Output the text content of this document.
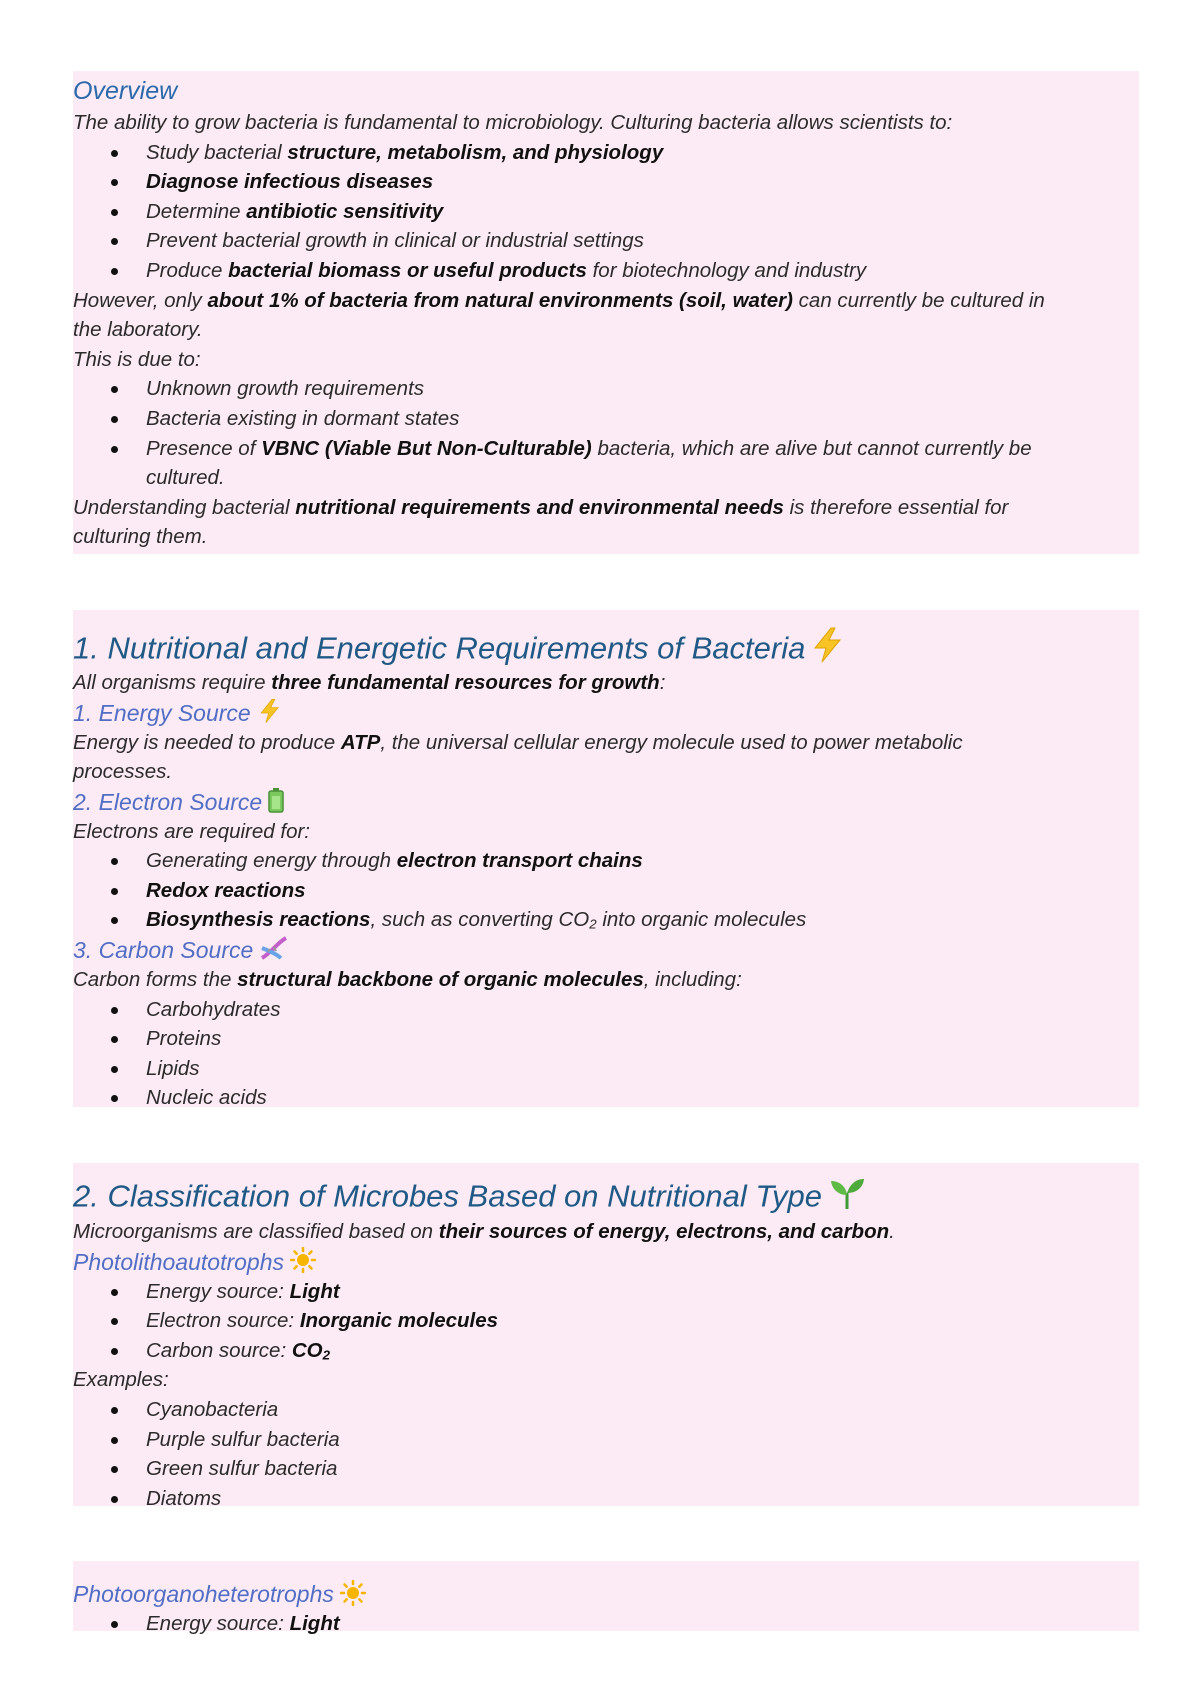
Overview
The ability to grow bacteria is fundamental to microbiology. Culturing bacteria allows scientists to:
Study bacterial structure, metabolism, and physiology
Diagnose infectious diseases
Determine antibiotic sensitivity
Prevent bacterial growth in clinical or industrial settings
Produce bacterial biomass or useful products for biotechnology and industry
However, only about 1% of bacteria from natural environments (soil, water) can currently be cultured in
the laboratory.
This is due to:
Unknown growth requirements
Bacteria existing in dormant states
Presence of VBNC (Viable But Non-Culturable) bacteria, which are alive but cannot currently be
cultured.
Understanding bacterial nutritional requirements and environmental needs is therefore essential for
culturing them.
1. Nutritional and Energetic Requirements of Bacteria
All organisms require three fundamental resources for growth:
1. Energy Source
Energy is needed to produce ATP, the universal cellular energy molecule used to power metabolic
processes.
2. Electron Source
Electrons are required for:
Generating energy through electron transport chains
Redox reactions
Biosynthesis reactions, such as converting $CO_2$ into organic molecules
3. Carbon Source
Carbon forms the structural backbone of organic molecules, including:
Carbohydrates
Proteins
Lipids
Nucleic acids
2. Classification of Microbes Based on Nutritional Type
Microorganisms are classified based on their sources of energy, electrons, and carbon.
Photolithoautotrophs
Energy source: Light
Electron source: Inorganic molecules
Carbon source: $CO_2$
Examples:
Cyanobacteria
Purple sulfur bacteria
Green sulfur bacteria
Diatoms
Photoorganoheterotrophs
Energy source: Light
